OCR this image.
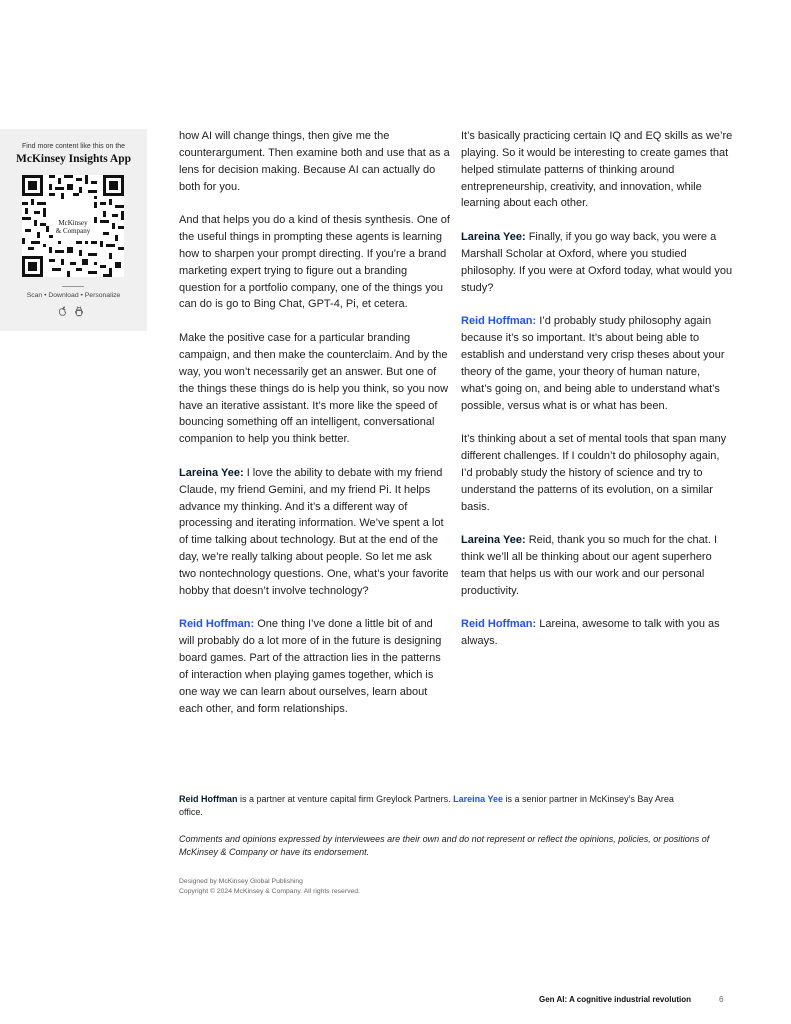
Find more content like this on the
McKinsey Insights App
McKinsey
& Company
Scan • Download • Personalize

how AI will change things, then give me the counterargument. Then examine both and use that as a lens for decision making. Because AI can actually do both for you.

And that helps you do a kind of thesis synthesis. One of the useful things in prompting these agents is learning how to sharpen your prompt directing. If you’re a brand marketing expert trying to figure out a branding question for a portfolio company, one of the things you can do is go to Bing Chat, GPT-4, Pi, et cetera.

Make the positive case for a particular branding campaign, and then make the counterclaim. And by the way, you won’t necessarily get an answer. But one of the things these things do is help you think, so you now have an iterative assistant. It’s more like the speed of bouncing something off an intelligent, conversational companion to help you think better.

Lareina Yee: I love the ability to debate with my friend Claude, my friend Gemini, and my friend Pi. It helps advance my thinking. And it’s a different way of processing and iterating information. We’ve spent a lot of time talking about technology. But at the end of the day, we’re really talking about people. So let me ask two nontechnology questions. One, what’s your favorite hobby that doesn’t involve technology?

Reid Hoffman: One thing I’ve done a little bit of and will probably do a lot more of in the future is designing board games. Part of the attraction lies in the patterns of interaction when playing games together, which is one way we can learn about ourselves, learn about each other, and form relationships.

It’s basically practicing certain IQ and EQ skills as we’re playing. So it would be interesting to create games that helped stimulate patterns of thinking around entrepreneurship, creativity, and innovation, while learning about each other.

Lareina Yee: Finally, if you go way back, you were a Marshall Scholar at Oxford, where you studied philosophy. If you were at Oxford today, what would you study?

Reid Hoffman: I’d probably study philosophy again because it’s so important. It’s about being able to establish and understand very crisp theses about your theory of the game, your theory of human nature, what’s going on, and being able to understand what’s possible, versus what is or what has been.

It’s thinking about a set of mental tools that span many different challenges. If I couldn’t do philosophy again, I’d probably study the history of science and try to understand the patterns of its evolution, on a similar basis.

Lareina Yee: Reid, thank you so much for the chat. I think we’ll all be thinking about our agent superhero team that helps us with our work and our personal productivity.

Reid Hoffman: Lareina, awesome to talk with you as always.

Reid Hoffman is a partner at venture capital firm Greylock Partners. Lareina Yee is a senior partner in McKinsey’s Bay Area office.
Comments and opinions expressed by interviewees are their own and do not represent or reflect the opinions, policies, or positions of McKinsey & Company or have its endorsement.
Designed by McKinsey Global Publishing
Copyright © 2024 McKinsey & Company. All rights reserved.
Gen AI: A cognitive industrial revolution	6
